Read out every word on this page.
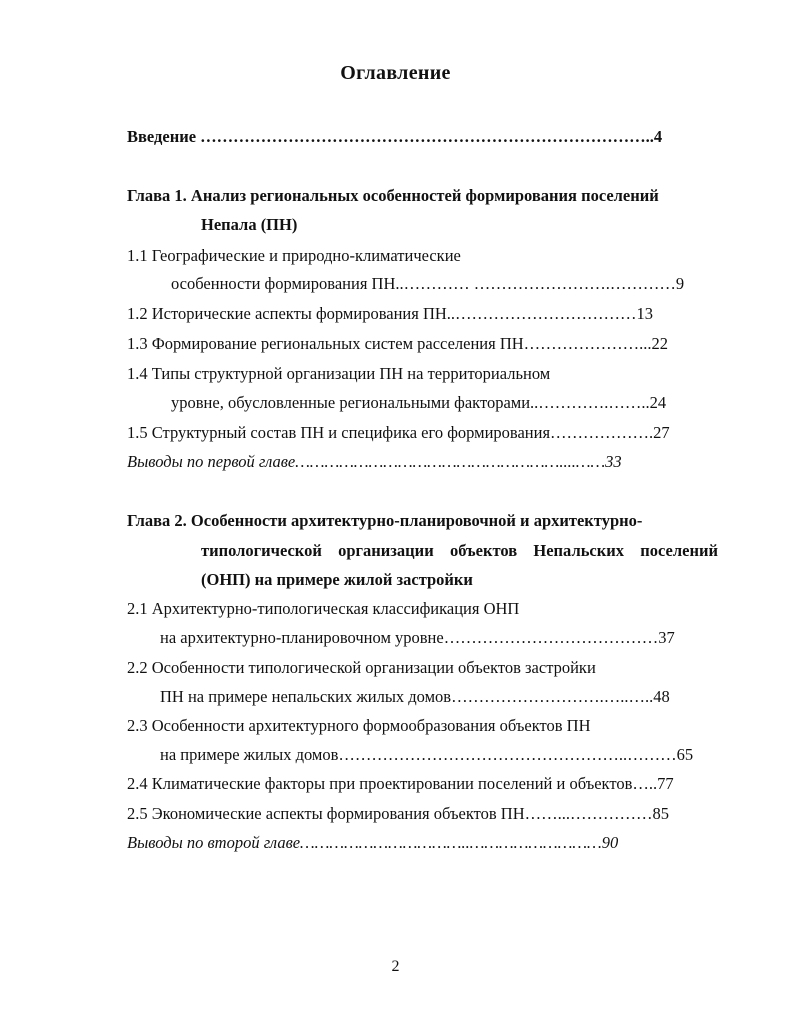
Оглавление
Введение ………………………………………………………………………..4
Глава 1. Анализ региональных особенностей формирования поселений
Непала (ПН)
1.1 Географические и природно-климатические
особенности формирования ПН..………… …………………….…………9
1.2 Исторические аспекты формирования ПН..……………………………13
1.3 Формирование региональных систем расселения ПН…………………...22
1.4 Типы структурной организации ПН на территориальном
уровне, обусловленные региональными факторами..………….……..24
1.5 Структурный состав ПН и специфика его формирования……………….27
Выводы по первой главе………………………………………………....……33
Глава 2. Особенности архитектурно-планировочной и архитектурно-
типологической организации объектов Непальских поселений
(ОНП) на примере жилой застройки
2.1 Архитектурно-типологическая классификация ОНП
на архитектурно-планировочном уровне…………………………………37
2.2 Особенности типологической организации объектов застройки
ПН на примере непальских жилых домов……………………….…..…..48
2.3 Особенности архитектурного формообразования объектов ПН
на примере жилых домов……………………………………………..………65
2.4 Климатические факторы при проектировании поселений и объектов…..77
2.5 Экономические аспекты формирования объектов ПН……...……………85
Выводы по второй главе……………………………..………………………90
2
